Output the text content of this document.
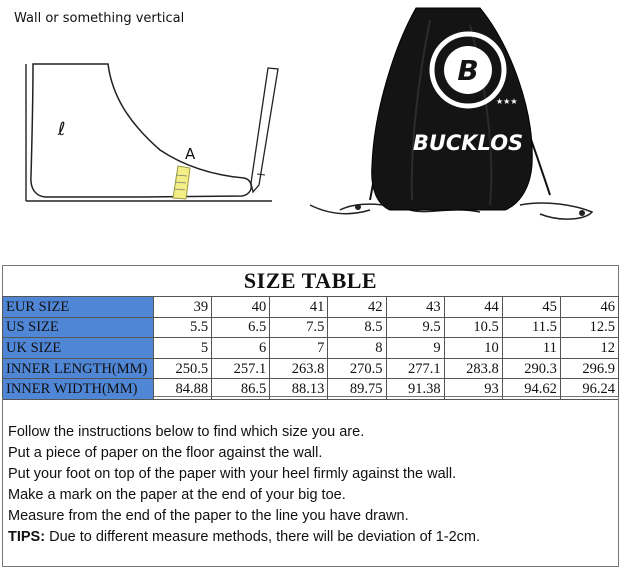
Wall or something vertical
A
ℓ
B
★★★
BUCKLOS
SIZE TABLE
EUR SIZE	39	40	41	42	43	44	45	46
US SIZE	5.5	6.5	7.5	8.5	9.5	10.5	11.5	12.5
UK SIZE	5	6	7	8	9	10	11	12
INNER LENGTH(MM)	250.5	257.1	263.8	270.5	277.1	283.8	290.3	296.9
INNER WIDTH(MM)	84.88	86.5	88.13	89.75	91.38	93	94.62	96.24

Follow the instructions below to find which size you are.

Put a piece of paper on the floor against the wall.

Put your foot on top of the paper with your heel firmly against the wall.

Make a mark on the paper at the end of your big toe.

Measure from the end of the paper to the line you have drawn.

TIPS: Due to different measure methods, there will be deviation of 1-2cm.
